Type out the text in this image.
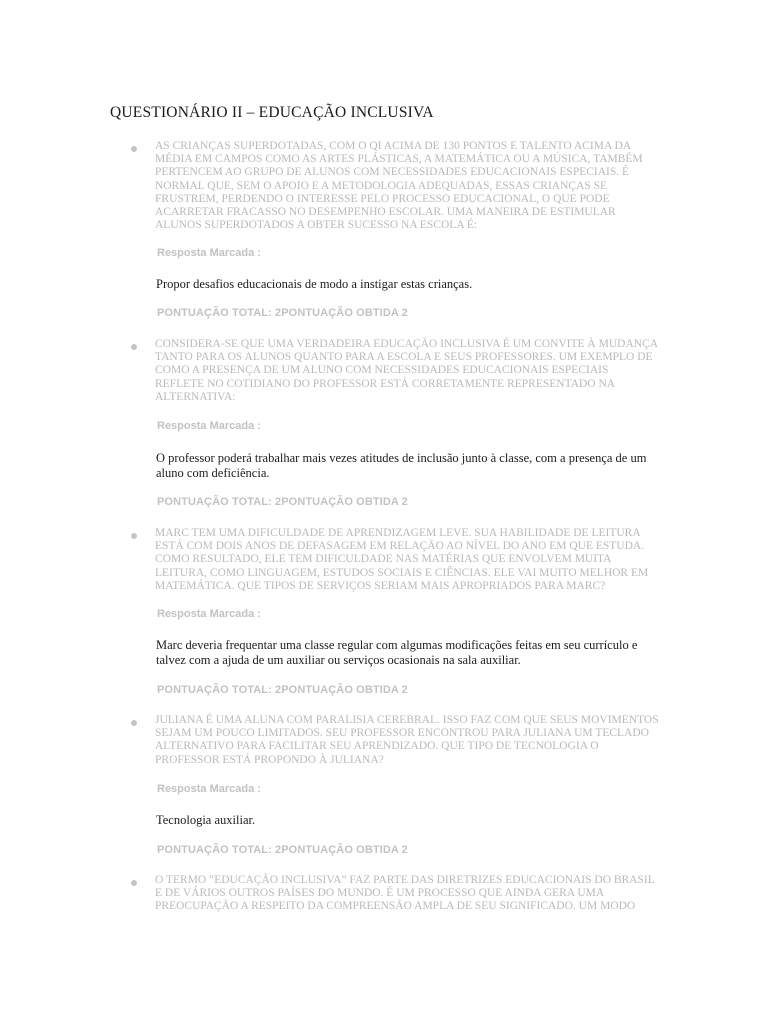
QUESTIONÁRIO II – EDUCAÇÃO INCLUSIVA
AS CRIANÇAS SUPERDOTADAS, COM O QI ACIMA DE 130 PONTOS E TALENTO ACIMA DA MÉDIA EM CAMPOS COMO AS ARTES PLÁSTICAS, A MATEMÁTICA OU A MÚSICA, TAMBÉM PERTENCEM AO GRUPO DE ALUNOS COM NECESSIDADES EDUCACIONAIS ESPECIAIS. É NORMAL QUE, SEM O APOIO E A METODOLOGIA ADEQUADAS, ESSAS CRIANÇAS SE FRUSTREM, PERDENDO O INTERESSE PELO PROCESSO EDUCACIONAL, O QUE PODE ACARRETAR FRACASSO NO DESEMPENHO ESCOLAR. UMA MANEIRA DE ESTIMULAR ALUNOS SUPERDOTADOS A OBTER SUCESSO NA ESCOLA É:
Resposta Marcada :
Propor desafios educacionais de modo a instigar estas crianças.
PONTUAÇÃO TOTAL: 2PONTUAÇÃO OBTIDA 2
CONSIDERA-SE QUE UMA VERDADEIRA EDUCAÇÃO INCLUSIVA É UM CONVITE À MUDANÇA TANTO PARA OS ALUNOS QUANTO PARA A ESCOLA E SEUS PROFESSORES. UM EXEMPLO DE COMO A PRESENÇA DE UM ALUNO COM NECESSIDADES EDUCACIONAIS ESPECIAIS REFLETE NO COTIDIANO DO PROFESSOR ESTÁ CORRETAMENTE REPRESENTADO NA ALTERNATIVA:
Resposta Marcada :
O professor poderá trabalhar mais vezes atitudes de inclusão junto à classe, com a presença de um aluno com deficiência.
PONTUAÇÃO TOTAL: 2PONTUAÇÃO OBTIDA 2
MARC TEM UMA DIFICULDADE DE APRENDIZAGEM LEVE. SUA HABILIDADE DE LEITURA ESTÁ COM DOIS ANOS DE DEFASAGEM EM RELAÇÃO AO NÍVEL DO ANO EM QUE ESTUDA. COMO RESULTADO, ELE TEM DIFICULDADE NAS MATÉRIAS QUE ENVOLVEM MUITA LEITURA, COMO LINGUAGEM, ESTUDOS SOCIAIS E CIÊNCIAS. ELE VAI MUITO MELHOR EM MATEMÁTICA. QUE TIPOS DE SERVIÇOS SERIAM MAIS APROPRIADOS PARA MARC?
Resposta Marcada :
Marc deveria frequentar uma classe regular com algumas modificações feitas em seu currículo e talvez com a ajuda de um auxiliar ou serviços ocasionais na sala auxiliar.
PONTUAÇÃO TOTAL: 2PONTUAÇÃO OBTIDA 2
JULIANA É UMA ALUNA COM PARALISIA CEREBRAL. ISSO FAZ COM QUE SEUS MOVIMENTOS SEJAM UM POUCO LIMITADOS. SEU PROFESSOR ENCONTROU PARA JULIANA UM TECLADO ALTERNATIVO PARA FACILITAR SEU APRENDIZADO. QUE TIPO DE TECNOLOGIA O PROFESSOR ESTÁ PROPONDO À JULIANA?
Resposta Marcada :
Tecnologia auxiliar.
PONTUAÇÃO TOTAL: 2PONTUAÇÃO OBTIDA 2
O TERMO “EDUCAÇÃO INCLUSIVA” FAZ PARTE DAS DIRETRIZES EDUCACIONAIS DO BRASIL E DE VÁRIOS OUTROS PAÍSES DO MUNDO. É UM PROCESSO QUE AINDA GERA UMA PREOCUPAÇÃO A RESPEITO DA COMPREENSÃO AMPLA DE SEU SIGNIFICADO. UM MODO
